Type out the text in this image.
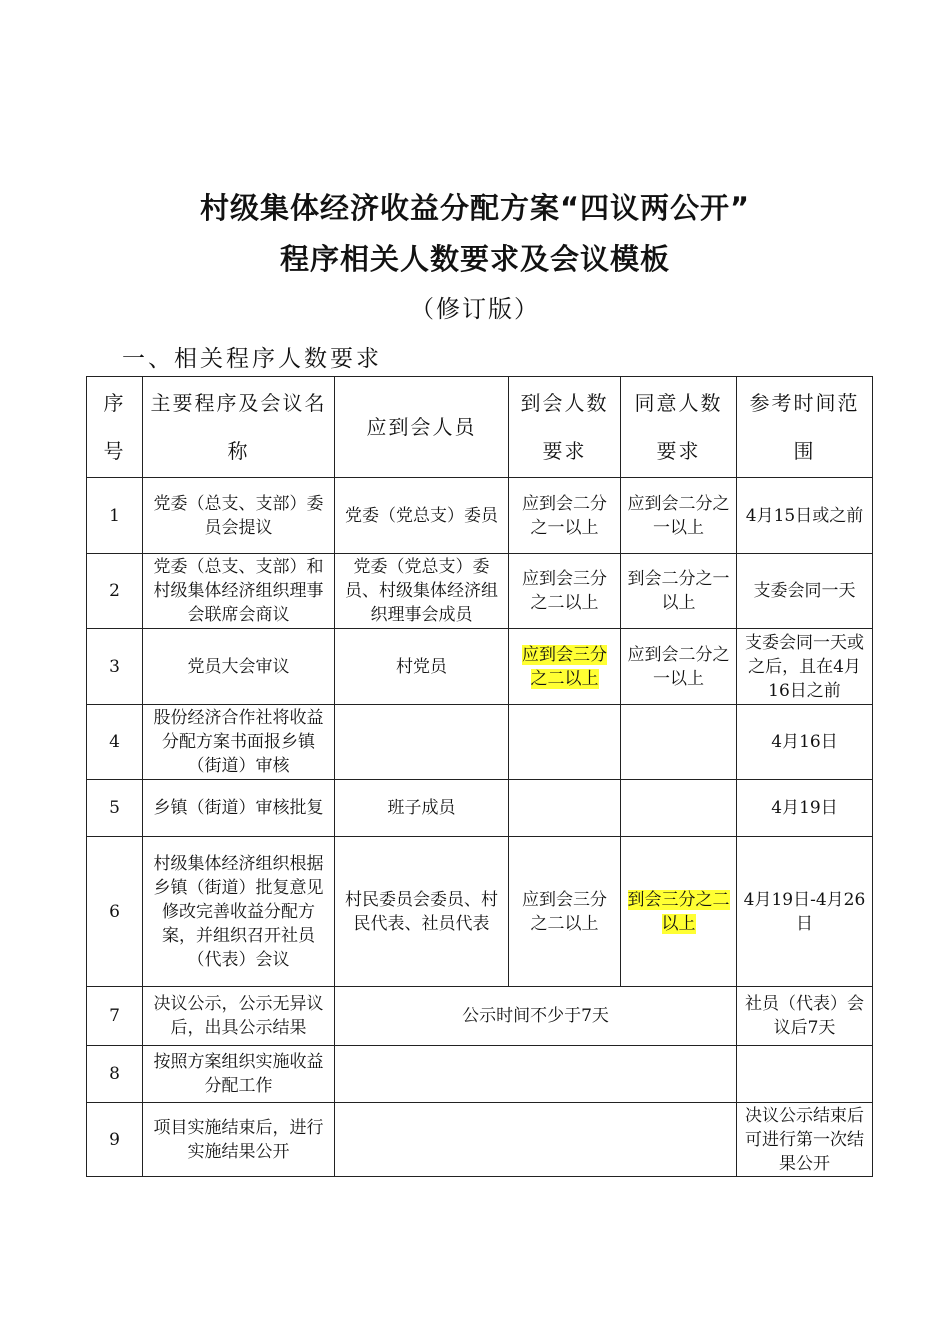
村级集体经济收益分配方案“四议两公开”
程序相关人数要求及会议模板
（修订版）
一、相关程序人数要求
序号	主要程序及会议名称	应到会人员	到会人数要求	同意人数要求	参考时间范围
1	党委（总支、支部）委员会提议	党委（党总支）委员	应到会二分之一以上	应到会二分之一以上	4月15日或之前
2	党委（总支、支部）和村级集体经济组织理事会联席会商议	党委（党总支）委员、村级集体经济组织理事会成员	应到会三分之二以上	到会二分之一以上	支委会同一天
3	党员大会审议	村党员	应到会三分之二以上	应到会二分之一以上	支委会同一天或之后，且在4月16日之前
4	股份经济合作社将收益分配方案书面报乡镇（街道）审核				4月16日
5	乡镇（街道）审核批复	班子成员			4月19日
6	村级集体经济组织根据乡镇（街道）批复意见修改完善收益分配方案，并组织召开社员（代表）会议	村民委员会委员、村民代表、社员代表	应到会三分之二以上	到会三分之二以上	4月19日-4月26日
7	决议公示，公示无异议后，出具公示结果	公示时间不少于7天			社员（代表）会议后7天
8	按照方案组织实施收益分配工作				
9	项目实施结束后，进行实施结果公开				决议公示结束后可进行第一次结果公开
